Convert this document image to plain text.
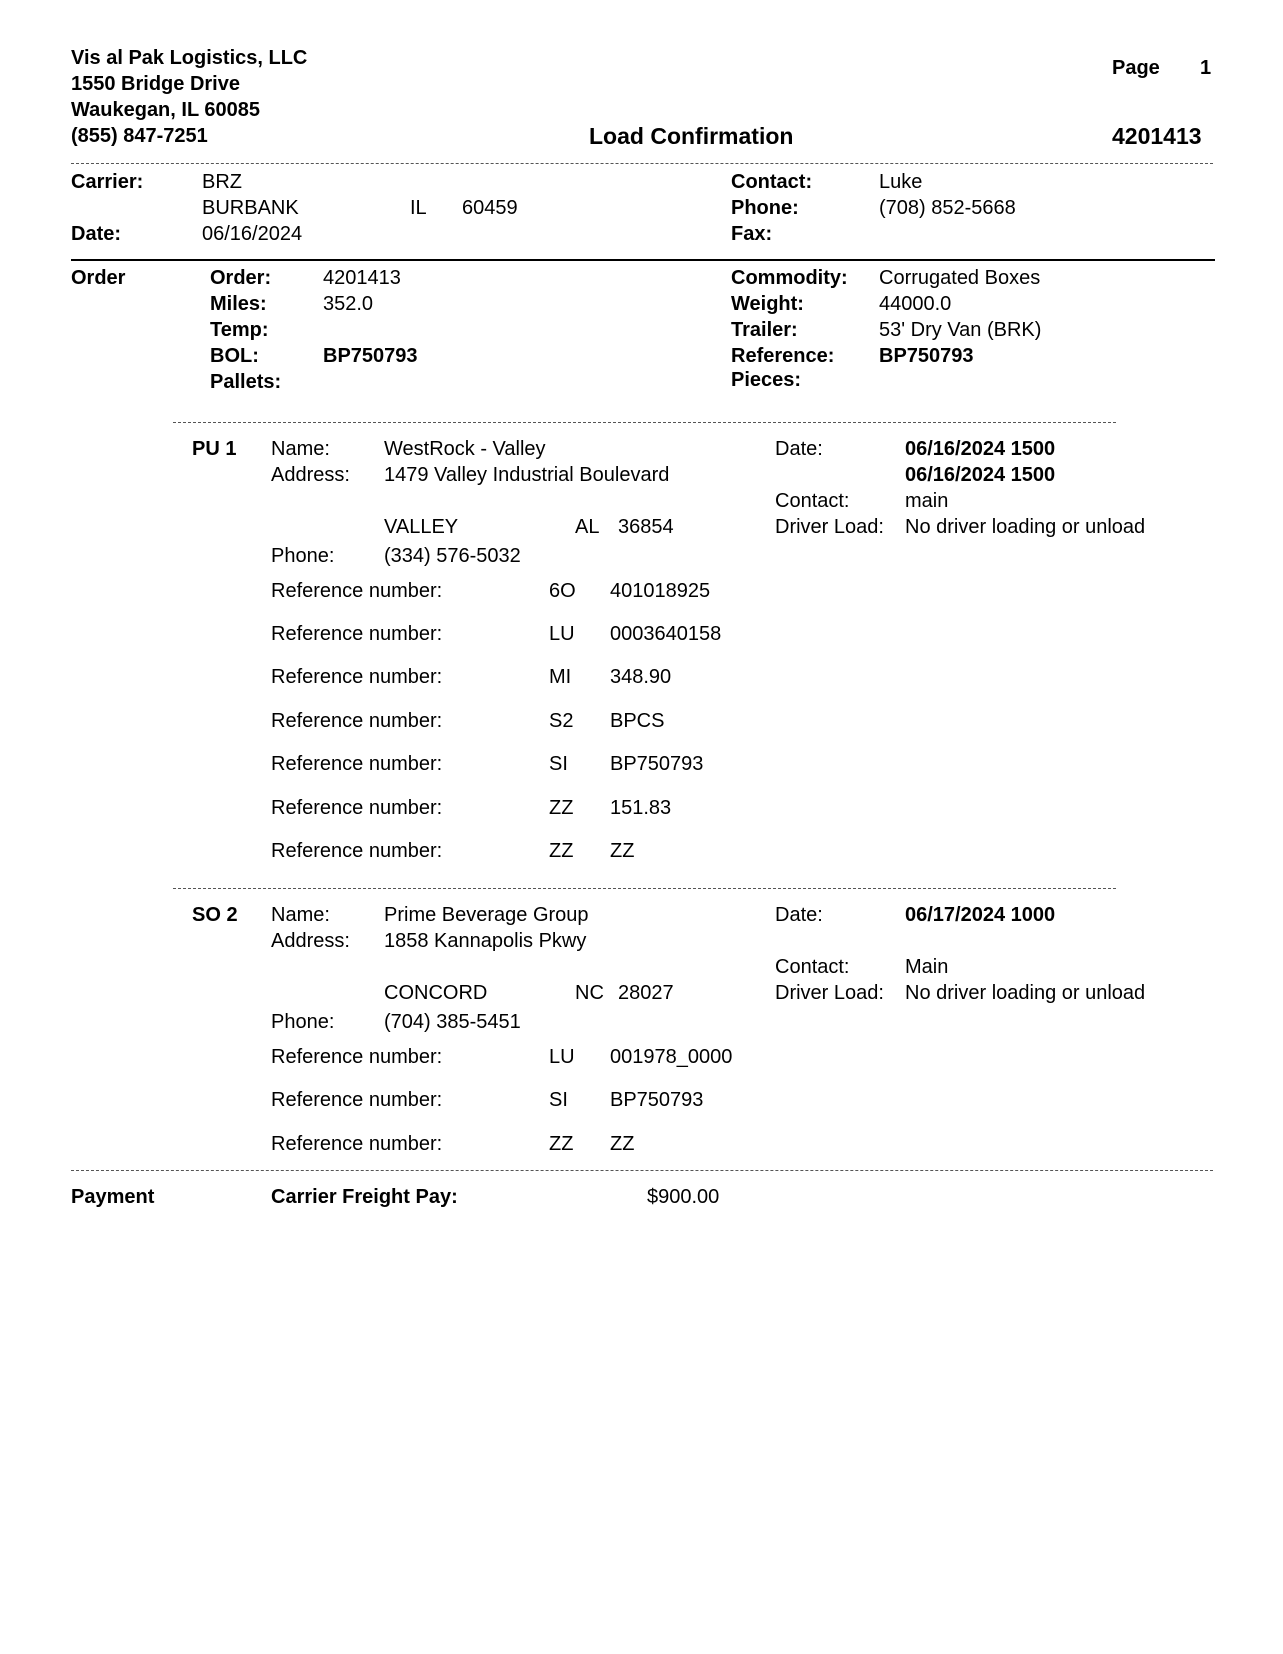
Vis al Pak Logistics, LLC
1550 Bridge Drive
Waukegan, IL 60085
(855) 847-7251
Page 1
Load Confirmation	4201413
Carrier:	BRZ
BURBANK	IL 60459
Date:	06/16/2024
Contact:	Luke
Phone:	(708) 852-5668
Fax:
Order	Order:	4201413
Miles:	352.0
Temp:
BOL:	BP750793
Pallets:
Commodity: Corrugated Boxes
Weight:	44000.0
Trailer:	53' Dry Van (BRK)
Reference: BP750793
Pieces:
PU 1 Name:	WestRock - Valley
Address: 1479 Valley Industrial Boulevard
VALLEY	AL 36854
Phone: (334) 576-5032
Date:	06/16/2024 1500
06/16/2024 1500
Contact:	main
Driver Load: No driver loading or unload
Reference number:	6O 401018925
Reference number:	LU 0003640158
Reference number:	MI 348.90
Reference number:	S2 BPCS
Reference number:	SI BP750793
Reference number:	ZZ 151.83
Reference number:	ZZ ZZ
SO 2 Name:	Prime Beverage Group
Address: 1858 Kannapolis Pkwy
CONCORD	NC 28027
Phone: (704) 385-5451
Date:	06/17/2024 1000
Contact:	Main
Driver Load: No driver loading or unload
Reference number:	LU 001978_0000
Reference number:	SI BP750793
Reference number:	ZZ ZZ
Payment	Carrier Freight Pay:	$900.00
